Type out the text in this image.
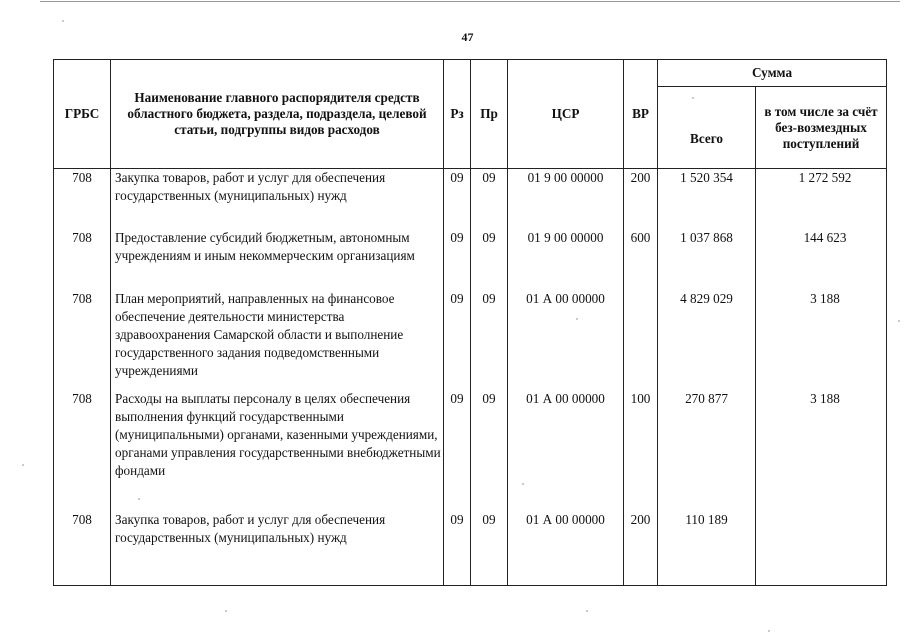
47
ГРБС	Наименование главного распорядителя средств областного бюджета, раздела, подраздела, целевой статьи, подгруппы видов расходов	Рз	Пр	ЦСР	ВР	Сумма	
						Всего	в том числе за счёт без-возмездных поступлений
708	Закупка товаров, работ и услуг для обеспечения государственных (муниципальных) нужд	09	09	01 9 00 00000	200	1 520 354	1 272 592
708	Предоставление субсидий бюджетным, автономным учреждениям и иным некоммерческим организациям	09	09	01 9 00 00000	600	1 037 868	144 623
708	План мероприятий, направленных на финансовое обеспечение деятельности министерства здравоохранения Самарской области и выполнение государственного задания подведомственными учреждениями	09	09	01 А 00 00000		4 829 029	3 188
708	Расходы на выплаты персоналу в целях обеспечения выполнения функций государственными (муниципальными) органами, казенными учреждениями, органами управления государственными внебюджетными фондами	09	09	01 А 00 00000	100	270 877	3 188
708	Закупка товаров, работ и услуг для обеспечения государственных (муниципальных) нужд	09	09	01 А 00 00000	200	110 189	
